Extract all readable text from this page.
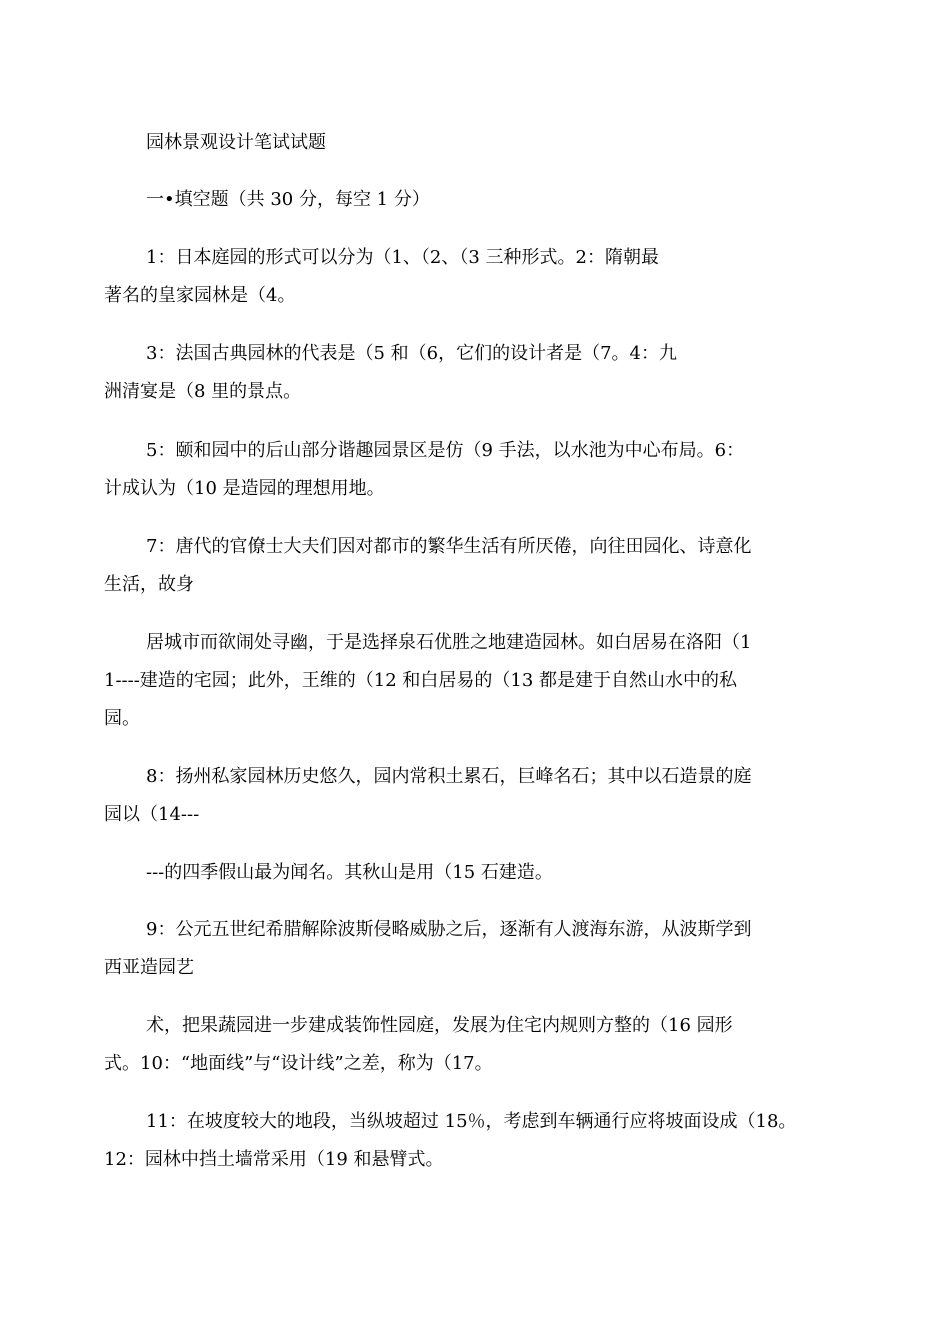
园林景观设计笔试试题
一•填空题（共 30 分，每空 1 分）
1：日本庭园的形式可以分为（1、（2、（3 三种形式。2：隋朝最
著名的皇家园林是（4。
3：法国古典园林的代表是（5 和（6，它们的设计者是（7。4：九
洲清宴是（8 里的景点。
5：颐和园中的后山部分谐趣园景区是仿（9 手法，以水池为中心布局。6：
计成认为（10 是造园的理想用地。
7：唐代的官僚士大夫们因对都市的繁华生活有所厌倦，向往田园化、诗意化
生活，故身
居城市而欲闹处寻幽，于是选择泉石优胜之地建造园林。如白居易在洛阳（1
1----建造的宅园；此外，王维的（12 和白居易的（13 都是建于自然山水中的私
园。
8：扬州私家园林历史悠久，园内常积土累石，巨峰名石；其中以石造景的庭
园以（14---
---的四季假山最为闻名。其秋山是用（15 石建造。
9：公元五世纪希腊解除波斯侵略威胁之后，逐渐有人渡海东游，从波斯学到
西亚造园艺
术，把果蔬园进一步建成装饰性园庭，发展为住宅内规则方整的（16 园形
式。10：“地面线”与“设计线”之差，称为（17。
11：在坡度较大的地段，当纵坡超过 15％，考虑到车辆通行应将坡面设成（18。
12：园林中挡土墙常采用（19 和悬臂式。
